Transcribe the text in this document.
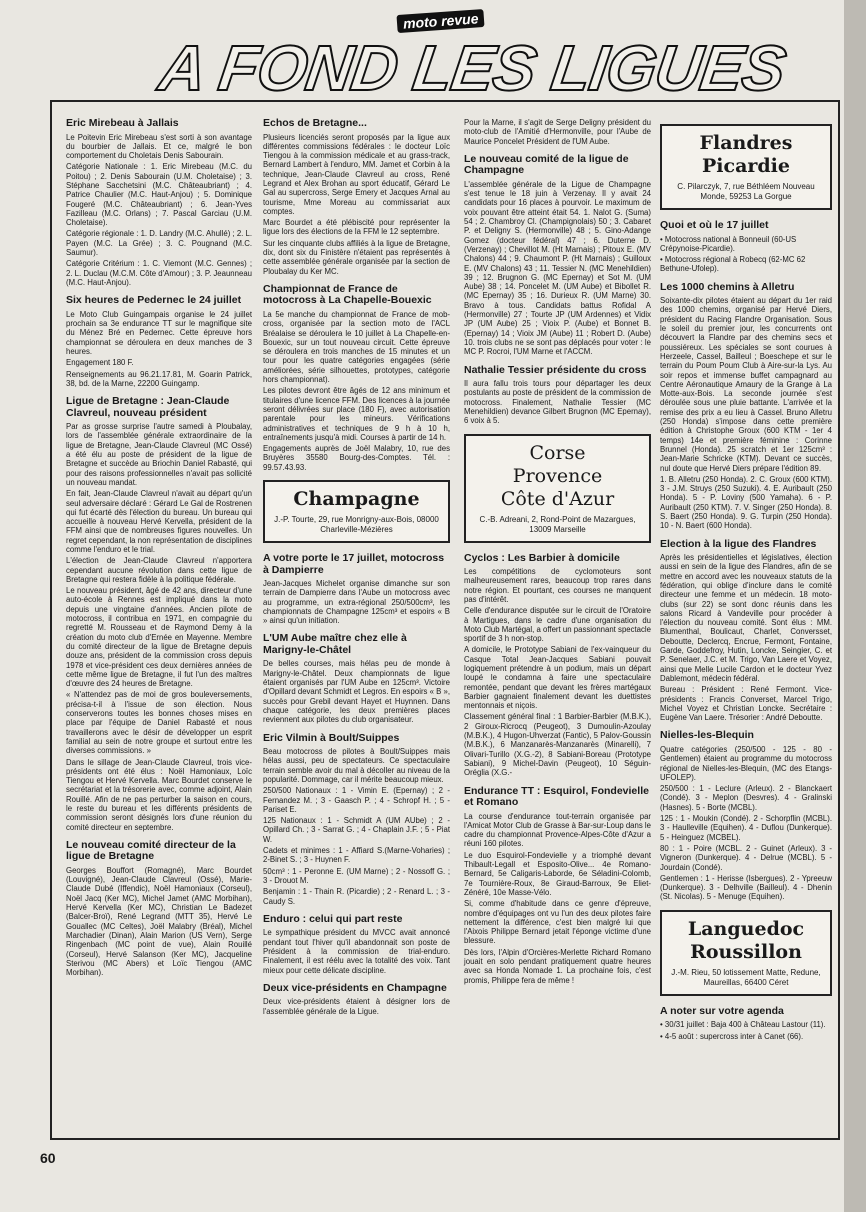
A FOND LES LIGUES
moto revue
Eric Mirebeau à Jallais

Le Poitevin Eric Mirebeau s'est sorti à son avantage du bourbier de Jallais. Et ce, malgré le bon comportement du Choletais Denis Sabourain.

Catégorie Nationale : 1. Eric Mirebeau (M.C. du Poitou) ; 2. Denis Sabourain (U.M. Choletaise) ; 3. Stéphane Sacchetsini (M.C. Châteaubriant) ; 4. Patrice Chaulier (M.C. Haut-Anjou) ; 5. Dominique Fougeré (M.C. Châteaubriant) ; 6. Jean-Yves Fazilleau (M.C. Orlans) ; 7. Pascal Garciau (U.M. Choletaise).

Catégorie régionale : 1. D. Landry (M.C. Ahullé) ; 2. L. Payen (M.C. La Grée) ; 3. C. Pougnand (M.C. Saumur).

Catégorie Critérium : 1. C. Viemont (M.C. Gennes) ; 2. L. Duclau (M.C.M. Côte d'Amour) ; 3. P. Jeaunneau (M.C. Haut-Anjou).

Six heures de Pedernec le 24 juillet

Le Moto Club Guingampais organise le 24 juillet prochain sa 3e endurance TT sur le magnifique site du Ménez Bré en Pedernec. Cette épreuve hors championnat se déroulera en deux manches de 3 heures.

Engagement 180 F.

Renseignements au 96.21.17.81, M. Goarin Patrick, 38, bd. de la Marne, 22200 Guingamp.

Ligue de Bretagne : Jean-Claude Clavreul, nouveau président

Par as grosse surprise l'autre samedi à Ploubalay, lors de l'assemblée générale extraordinaire de la ligue de Bretagne, Jean-Claude Clavreul (MC Ossé) a été élu au poste de président de la ligue de Bretagne et succède au Briochin Daniel Rabasté, qui pour des raisons professionnelles n'avait pas sollicité un nouveau mandat.

En fait, Jean-Claude Clavreul n'avait au départ qu'un seul adversaire déclaré : Gérard Le Gal de Rostrenen qui fut écarté dès l'élection du bureau. Un bureau qui accueille à nouveau Hervé Kervella, président de la FFM ainsi que de nombreuses figures nouvelles. Un regret cependant, la non représentation de disciplines comme l'enduro et le trial.

L'élection de Jean-Claude Clavreul n'apportera cependant aucune révolution dans cette ligue de Bretagne qui restera fidèle à la politique fédérale.

Le nouveau président, âgé de 42 ans, directeur d'une auto-école à Rennes est impliqué dans la moto depuis une vingtaine d'années. Ancien pilote de motocross, il contribua en 1971, en compagnie du regretté M. Rousseau et de Raymond Demy à la création du moto club d'Ernée en Mayenne. Membre du comité directeur de la ligue de Bretagne depuis douze ans, président de la commission cross depuis 1978 et vice-président ces deux dernières années de cette même ligue de Bretagne, il fut l'un des maîtres d'œuvre des 24 heures de Bretagne.

« N'attendez pas de moi de gros bouleversements, précisa-t-il à l'issue de son élection. Nous conserverons toutes les bonnes choses mises en place par l'équipe de Daniel Rabasté et nous travaillerons avec le désir de développer un esprit familial au sein de notre groupe et surtout entre les diverses commissions. »

Dans le sillage de Jean-Claude Clavreul, trois vice-présidents ont été élus : Noël Hamoniaux, Loïc Tiengou et Hervé Kervella. Marc Bourdet conserve le secrétariat et la trésorerie avec, comme adjoint, Alain Rouillé. Afin de ne pas perturber la saison en cours, le reste du bureau et les différents présidents de commission seront désignés lors d'une réunion du comité directeur en septembre.

Le nouveau comité directeur de la ligue de Bretagne

Georges Bouffort (Romagné), Marc Bourdet (Louvigné), Jean-Claude Clavreul (Ossé), Marie-Claude Dubé (Iffendic), Noël Hamoniaux (Corseul), Noël Jacq (Ker MC), Michel Jamet (AMC Morbihan), Hervé Kervella (Ker MC), Christian Le Badezet (Balcer-Broï), René Legrand (MTT 35), Hervé Le Gouallec (MC Celtes), Joël Malabry (Bréal), Michel Marchadier (Dinan), Alain Marion (US Vern), Serge Ringenbach (MC point de vue), Alain Rouillé (Corseul), Hervé Salanson (Ker MC), Jacqueline Sterivou (MC Abers) et Loïc Tiengou (AMC Morbihan).

Echos de Bretagne...

Plusieurs licenciés seront proposés par la ligue aux différentes commissions fédérales : le docteur Loïc Tiengou à la commission médicale et au grass-track, Bernard Lambert à l'enduro, MM. Jamet et Corbin à la technique, Jean-Claude Clavreul au cross, René Legrand et Alex Brohan au sport éducatif, Gérard Le Gal au supercross, Serge Emery et Jacques Arnal au tourisme, Mme Moreau au commissariat aux comptes.

Marc Bourdet a été plébiscité pour représenter la ligue lors des élections de la FFM le 12 septembre.

Sur les cinquante clubs affiliés à la ligue de Bretagne, dix, dont six du Finistère n'étaient pas représentés à cette assemblée générale organisée par la section de Ploubalay du Ker MC.

Championnat de France de motocross à La Chapelle-Bouexic

La 5e manche du championnat de France de mob-cross, organisée par la section moto de l'ACL Bréalaise se déroulera le 10 juillet à La Chapelle-en-Bouexic, sur un tout nouveau circuit. Cette épreuve se déroulera en trois manches de 15 minutes et un tour pour les quatre catégories engagées (série améliorées, série silhouettes, prototypes, catégorie hors championnat).

Les pilotes devront être âgés de 12 ans minimum et titulaires d'une licence FFM. Des licences à la journée seront délivrées sur place (180 F), avec autorisation parentale pour les mineurs. Vérifications administratives et techniques de 9 h à 10 h, entraînements jusqu'à midi. Courses à partir de 14 h.

Engagements auprès de Joël Malabry, 10, rue des Bruyères 35580 Bourg-des-Comptes. Tél. : 99.57.43.93.

Champagne
J.-P. Tourte, 29, rue Monrigny-aux-Bois, 08000 Charleville-Mézières
A votre porte le 17 juillet, motocross à Dampierre

Jean-Jacques Michelet organise dimanche sur son terrain de Dampierre dans l'Aube un motocross avec au programme, un extra-régional 250/500cm³, les championnats de Champagne 125cm³ et espoirs « B » ainsi qu'un initiation.

L'UM Aube maître chez elle à Marigny-le-Châtel

De belles courses, mais hélas peu de monde à Marigny-le-Châtel. Deux championnats de ligue étaient organisés par l'UM Aube en 125cm³. Victoire d'Opillard devant Schmidt et Legros. En espoirs « B », succès pour Grebil devant Hayet et Huynnen. Dans chaque catégorie, les deux premières places reviennent aux pilotes du club organisateur.

Eric Vilmin à Boult/Suippes

Beau motocross de pilotes à Boult/Suippes mais hélas aussi, peu de spectateurs. Ce spectaculaire terrain semble avoir du mal à décoller au niveau de la popularité. Dommage, car il mérite beaucoup mieux.

250/500 Nationaux : 1 - Vimin E. (Epernay) ; 2 - Fernandez M. ; 3 - Gaasch P. ; 4 - Schropf H. ; 5 - Pariset E.

125 Nationaux : 1 - Schmidt A (UM AUbe) ; 2 - Opillard Ch. ; 3 - Sarrat G. ; 4 - Chaplain J.F. ; 5 - Piat W.

Cadets et minimes : 1 - Affiard S.(Marne-Voharies) ; 2-Binet S. ; 3 - Huynen F.

50cm³ : 1 - Peronne E. (UM Marne) ; 2 - Nossoff G. ; 3 - Drouot M.

Benjamin : 1 - Thain R. (Picardie) ; 2 - Renard L. ; 3 - Caudy S.

Enduro : celui qui part reste

Le sympathique président du MVCC avait annoncé pendant tout l'hiver qu'il abandonnait son poste de Président à la commission de trial-enduro. Finalement, il est réélu avec la totalité des voix. Tant mieux pour cette délicate discipline.

Deux vice-présidents en Champagne

Deux vice-présidents étaient à désigner lors de l'assemblée générale de la Ligue.

Pour la Marne, il s'agit de Serge Deligny président du moto-club de l'Amitié d'Hermonville, pour l'Aube de Maurice Poncelet Président de l'UM Aube.

Le nouveau comité de la ligue de Champagne

L'assemblée générale de la Ligue de Champagne s'est tenue le 18 juin à Verzenay. Il y avait 24 candidats pour 16 places à pourvoir. Le maximum de voix pouvant être atteint était 54. 1. Nalot G. (Suma) 54 ; 2. Chambroy Cl. (Champignolais) 50 ; 3. Cabaret P. et Deligny S. (Hermonville) 48 ; 5. Gino-Adange Gomez (docteur fédéral) 47 ; 6. Duterne D. (Verzenay) ; Chevillot M. (Ht Marnais) ; Pitoux E. (MV Chalons) 44 ; 9. Chaumont P. (Ht Marnais) ; Guilloux E. (MV Chalons) 43 ; 11. Tessier N. (MC Menehildien) 39 ; 12. Brugnon G. (MC Epernay) et Sot M. (UM Aube) 38 ; 14. Poncelet M. (UM Aube) et Bibollet R. (MC Epernay) 35 ; 16. Durieux R. (UM Marne) 30. Bravo à tous. Candidats battus Rofidal A (Hermonville) 27 ; Tourte JP (UM Ardennes) et Vidix JP (UM Aube) 25 ; Vioix P. (Aube) et Bonnet B. (Epernay) 14 ; Vioix JM (Aube) 11 ; Robert D. (Aube) 10. trois clubs ne se sont pas déplacés pour voter : le MC P. Rocroi, l'UM Marne et l'ACCM.

Nathalie Tessier présidente du cross

Il aura fallu trois tours pour départager les deux postulants au poste de président de la commission de motocross. Finalement, Nathalie Tessier (MC Menehildien) devance Gilbert Brugnon (MC Epernay), 6 voix à 5.

Corse
Provence
Côte d'Azur
C.-B. Adreani, 2, Rond-Point de Mazargues, 13009 Marseille
Cyclos : Les Barbier à domicile

Les compétitions de cyclomoteurs sont malheureusement rares, beaucoup trop rares dans notre région. Et pourtant, ces courses ne manquent pas d'intérêt.

Celle d'endurance disputée sur le circuit de l'Oratoire à Martigues, dans le cadre d'une organisation du Moto Club Martégal, a offert un passionnant spectacle sportif de 3 h non-stop.

A domicile, le Prototype Sabiani de l'ex-vainqueur du Casque Total Jean-Jacques Sabiani pouvait logiquement prétendre à un podium, mais un départ loupé le condamna à faire une spectaculaire remontée, pendant que devant les frères martégaux Barbier gagnaient finalement devant les duettistes mentonnais et niçois.

Classement général final : 1 Barbier-Barbier (M.B.K.), 2 Giroux-Ricrocq (Peugeot), 3 Dumoulin-Azoulay (M.B.K.), 4 Hugon-Uhverzat (Fantic), 5 Palov-Goussin (M.B.K.), 6 Manzanarès-Manzanarès (Minarelli), 7 Olivari-Turillo (X.G.-2), 8 Sabiani-Boreau (Prototype Sabiani), 9 Michel-Davin (Peugeot), 10 Séguin-Oréglia (X.G.-

Endurance TT : Esquirol, Fondevielle et Romano

La course d'endurance tout-terrain organisée par l'Amicat Motor Club de Grasse à Bar-sur-Loup dans le cadre du championnat Provence-Alpes-Côte d'Azur a réuni 160 pilotes.

Le duo Esquirol-Fondevielle y a triomphé devant Thibault-Legall et Esposito-Olive... 4e Romano-Bernard, 5e Caligaris-Laborde, 6e Séladini-Colomb, 7e Tournière-Roux, 8e Giraud-Barroux, 9e Eliet-Zénéré, 10e Masse-Vélo.

Si, comme d'habitude dans ce genre d'épreuve, nombre d'équipages ont vu l'un des deux pilotes faire nettement la différence, c'est bien malgré lui que l'Aixois Philippe Bernard jetait l'éponge victime d'une blessure.

Dès lors, l'Alpin d'Orcières-Merlette Richard Romano jouait en solo pendant pratiquement quatre heures avec sa Honda Nomade 1. La prochaine fois, c'est promis, Philippe fera de même !

Flandres
Picardie
C. Pilarczyk, 7, rue Béthléem Nouveau Monde, 59253 La Gorgue
Quoi et où le 17 juillet
• Motocross national à Bonneuil (60-US Crépynoise-Picardie).
• Motocross régional à Robecq (62-MC 62 Bethune-Ufolep).
Les 1000 chemins à Alletru

Soixante-dix pilotes étaient au départ du 1er raid des 1000 chemins, organisé par Hervé Diers, président du Racing Flandre Organisation. Sous le soleil du premier jour, les concurrents ont découvert la Flandre par des chemins secs et poussiéreux. Les spéciales se sont courues à Herzeele, Cassel, Bailleul ; Boeschepe et sur le terrain du Poum Poum Club à Aire-sur-la Lys. Au soir repos et immense buffet campagnard au Centre Aéronautique Amaury de la Grange à La Motte-aux-Bois. La seconde journée s'est déroulée sous une pluie battante. L'arrivée et la remise des prix a eu lieu à Cassel. Bruno Alletru (250 Honda) s'impose dans cette première édition à Christophe Groux (600 KTM - 1er 4 temps) 14e et première féminine : Corinne Brunnel (Honda). 25 scratch et 1er 125cm³ : Jean-Marie Schricke (KTM). Devant ce succès, nul doute que Hervé Diers prépare l'édition 89.

1. B. Alletru (250 Honda). 2. C. Groux (600 KTM). 3 - J.M. Struys (250 Suzuki). 4. E. Auribault (250 Honda). 5 - P. Loviny (500 Yamaha). 6 - P. Auribault (250 KTM). 7. V. Singer (250 Honda). 8. S. Baert (250 Honda). 9. G. Turpin (250 Honda). 10 - N. Baert (600 Honda).

Election à la ligue des Flandres

Après les présidentielles et législatives, élection aussi en sein de la ligue des Flandres, afin de se mettre en accord avec les nouveaux statuts de la fédération, qui oblige d'inclure dans le comité directeur une femme et un médecin. 18 moto-clubs (sur 22) se sont donc réunis dans les salons Ricard à Vandeville pour procéder à l'élection du nouveau comité. Sont élus : MM. Blumenthal, Boulicaut, Charlet, Conversset, Deboutte, Declercq, Encrue, Fermont, Fontaine, Garde, Goddefroy, Hutin, Loncke, Seingier, C. et P. Senelaer, J.C. et M. Trigo, Van Laere et Voyez, ainsi que Melle Lucile Cardon et le docteur Yvez Dablemont, médecin fédéral.

Bureau : Président : René Fermont. Vice-présidents : Francis Converset, Marcel Trigo, Michel Voyez et Christian Loncke. Secrétaire : Eugène Van Laere. Trésorier : André Deboutte.

Nielles-les-Blequin

Quatre catégories (250/500 - 125 - 80 - Gentlemen) étaient au programme du motocross régional de Nielles-les-Blequin, (MC des Etangs-UFOLEP).

250/500 : 1 - Leclure (Arleux). 2 - Blanckaert (Condé). 3 - Meplon (Desvres). 4 - Gralinski (Hasnes). 5 - Borte (MCBL).

125 : 1 - Moukin (Condé). 2 - Schorpflin (MCBL). 3 - Haulleville (Equihen). 4 - Duflou (Dunkerque). 5 - Heinguez (MCBEL).

80 : 1 - Poire (MCBL. 2 - Guinet (Arleux). 3 - Vigneron (Dunkerque). 4 - Delrue (MCBL). 5 - Jourdain (Condé).

Gentlemen : 1 - Herisse (Isbergues). 2 - Ypreeuw (Dunkerque). 3 - Delhville (Bailleul). 4 - Dhenin (St. Nicolas). 5 - Menuge (Equihen).

Languedoc
Roussillon
J.-M. Rieu, 50 lotissement Matte, Redune, Maureillas, 66400 Céret
A noter sur votre agenda
• 30/31 juillet : Baja 400 à Château Lastour (11).
• 4-5 août : supercross inter à Canet (66).
60
